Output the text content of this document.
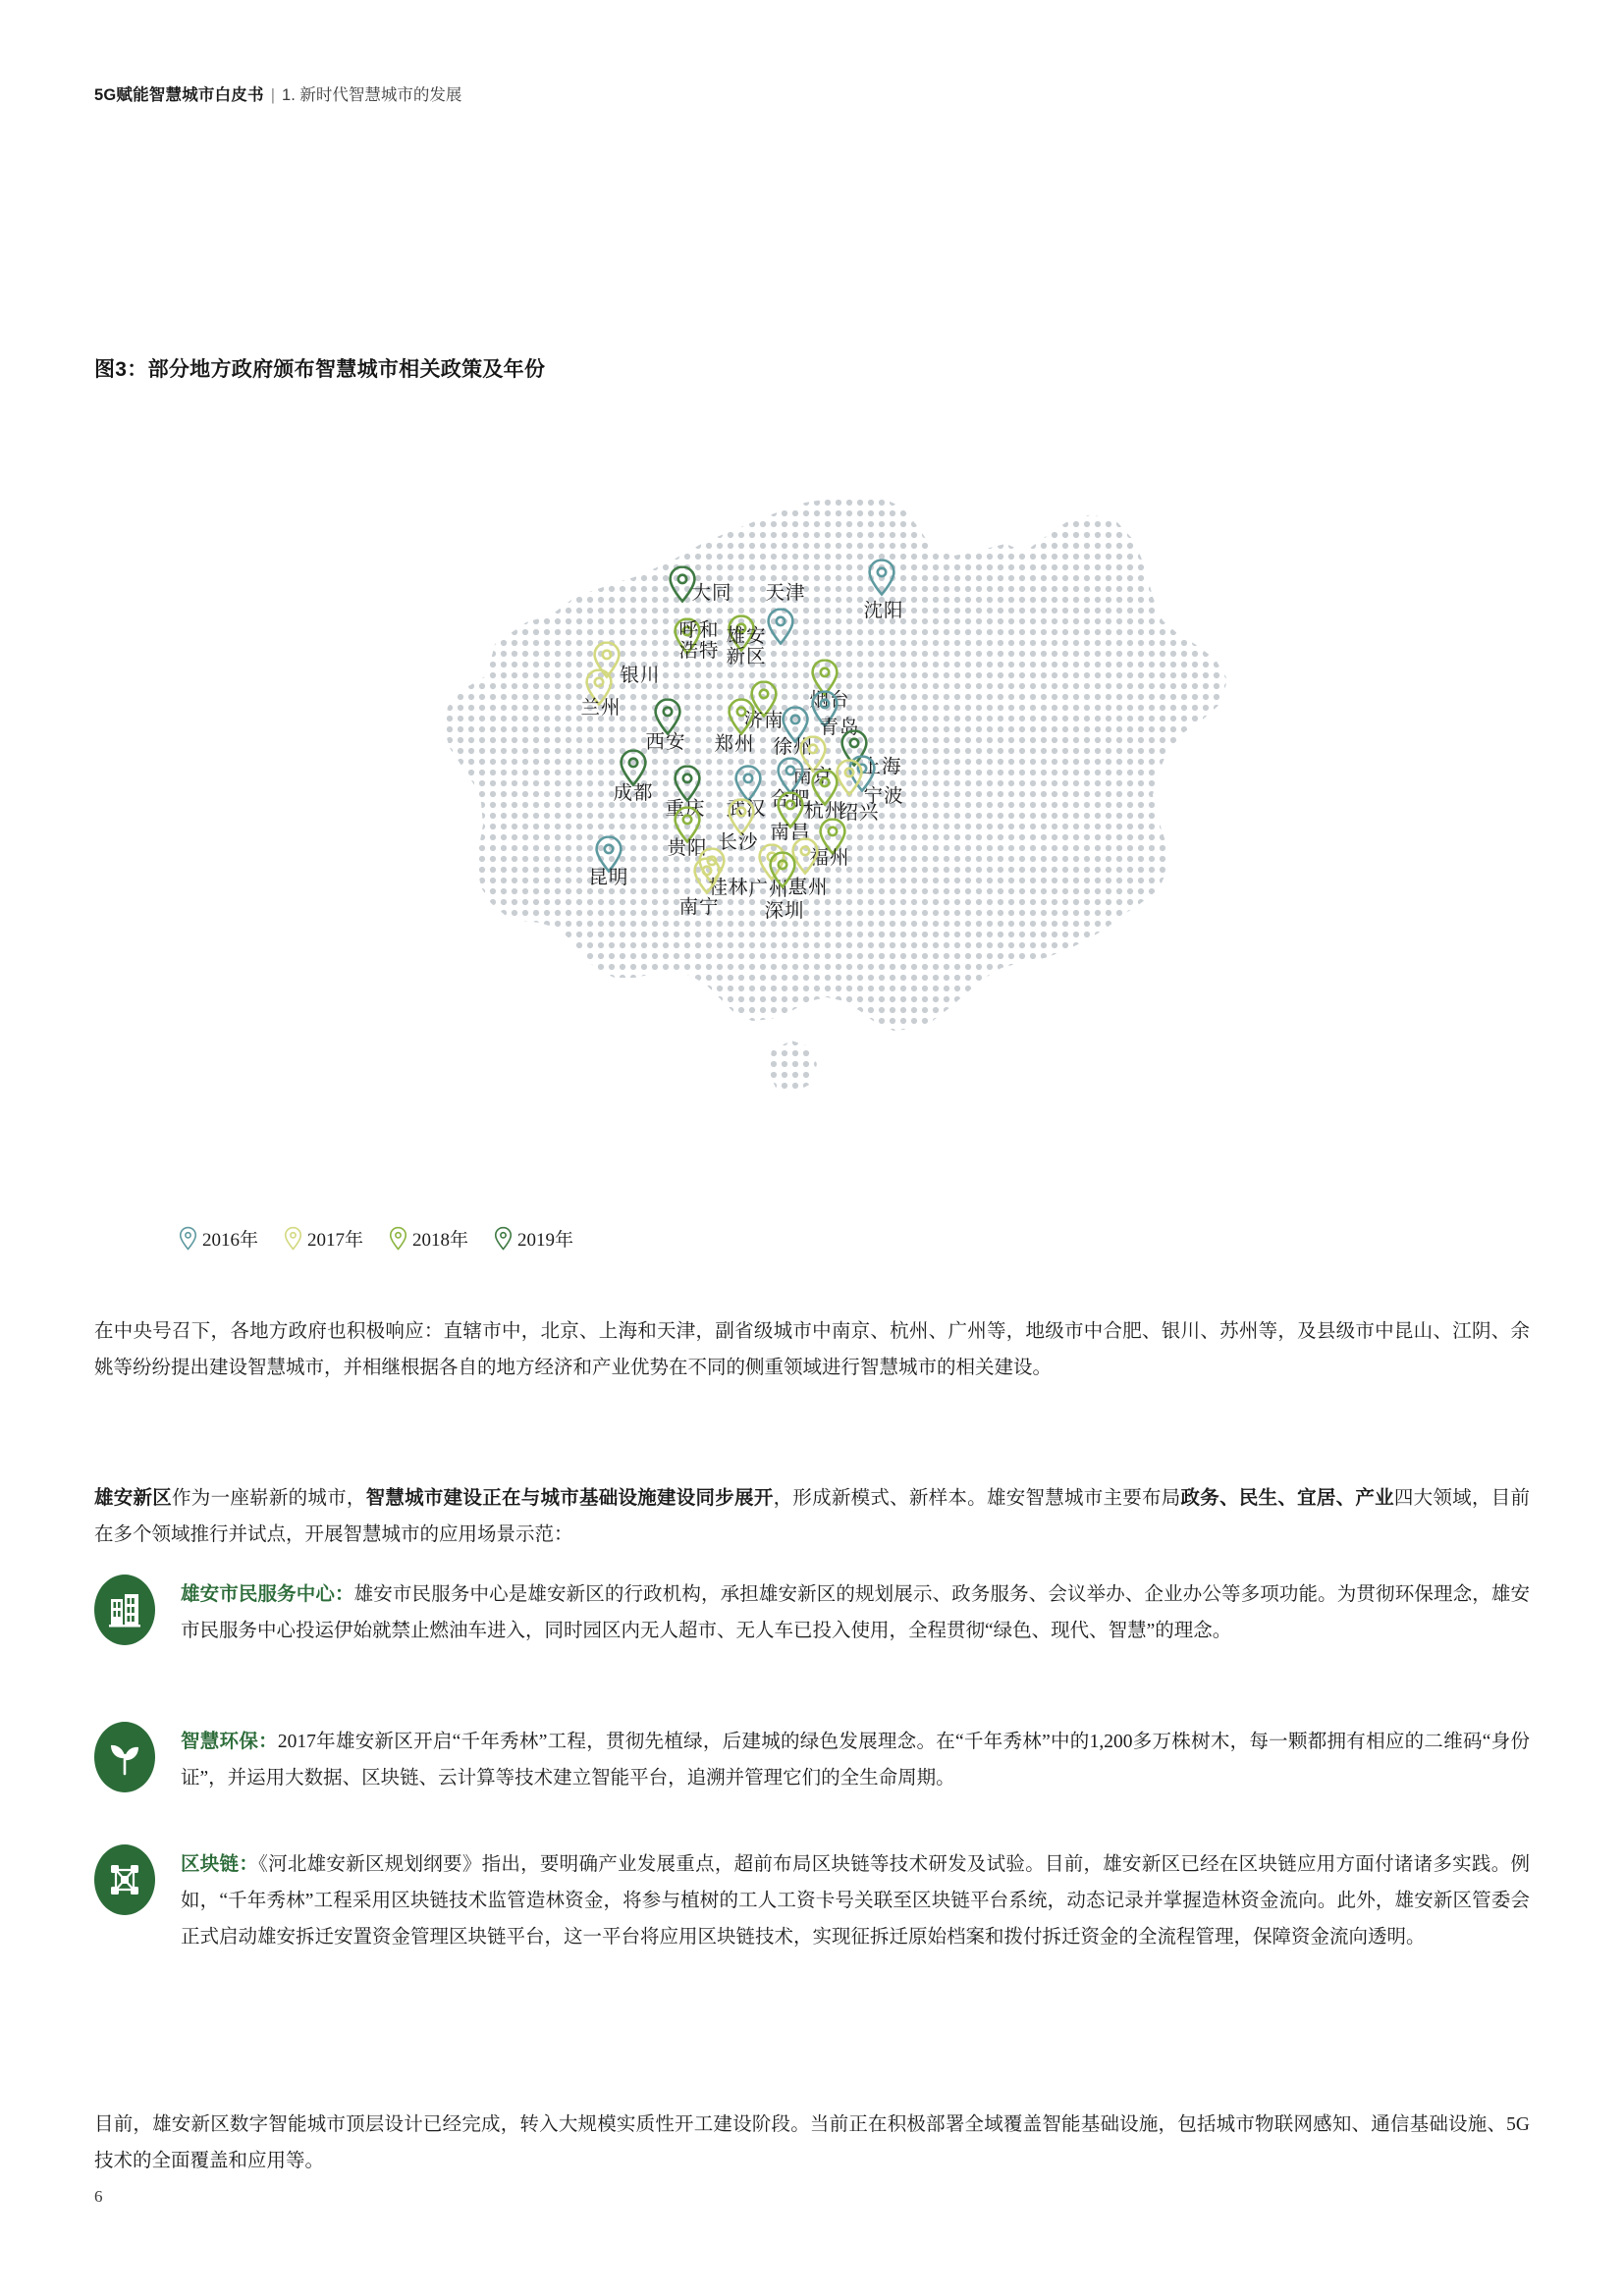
5G赋能智慧城市白皮书 | 1. 新时代智慧城市的发展
图3：部分地方政府颁布智慧城市相关政策及年份
大同 天津
沈阳
呼和
浩特
雄安
新区
银川
兰州	烟台
青岛
济南
郑州
西安	徐州
南京 上海
合肥	宁波
绍兴
杭州
武汉
成都
重庆
南昌
长沙
贵阳	福州
昆明	桂林
南宁
广州
惠州
深圳
2016年	2017年	2018年	2019年
在中央号召下，各地方政府也积极响应：直辖市中，北京、上海和天津，副省级城市中南京、杭州、广州等，地级市中合肥、银川、苏州等，及县级市中昆山、江阴、余姚等纷纷提出建设智慧城市，并相继根据各自的地方经济和产业优势在不同的侧重领域进行智慧城市的相关建设。
雄安新区作为一座崭新的城市，智慧城市建设正在与城市基础设施建设同步展开，形成新模式、新样本。雄安智慧城市主要布局政务、民生、宜居、产业四大领域，目前在多个领域推行并试点，开展智慧城市的应用场景示范：
雄安市民服务中心：雄安市民服务中心是雄安新区的行政机构，承担雄安新区的规划展示、政务服务、会议举办、企业办公等多项功能。为贯彻环保理念，雄安市民服务中心投运伊始就禁止燃油车进入，同时园区内无人超市、无人车已投入使用，全程贯彻“绿色、现代、智慧”的理念。
智慧环保：2017年雄安新区开启“千年秀林”工程，贯彻先植绿，后建城的绿色发展理念。在“千年秀林”中的1,200多万株树木，每一颗都拥有相应的二维码“身份证”，并运用大数据、区块链、云计算等技术建立智能平台，追溯并管理它们的全生命周期。
区块链：《河北雄安新区规划纲要》指出，要明确产业发展重点，超前布局区块链等技术研发及试验。目前，雄安新区已经在区块链应用方面付诸诸多实践。例如，“千年秀林”工程采用区块链技术监管造林资金，将参与植树的工人工资卡号关联至区块链平台系统，动态记录并掌握造林资金流向。此外，雄安新区管委会正式启动雄安拆迁安置资金管理区块链平台，这一平台将应用区块链技术，实现征拆迁原始档案和拨付拆迁资金的全流程管理，保障资金流向透明。
目前，雄安新区数字智能城市顶层设计已经完成，转入大规模实质性开工建设阶段。当前正在积极部署全域覆盖智能基础设施，包括城市物联网感知、通信基础设施、5G技术的全面覆盖和应用等。
6
